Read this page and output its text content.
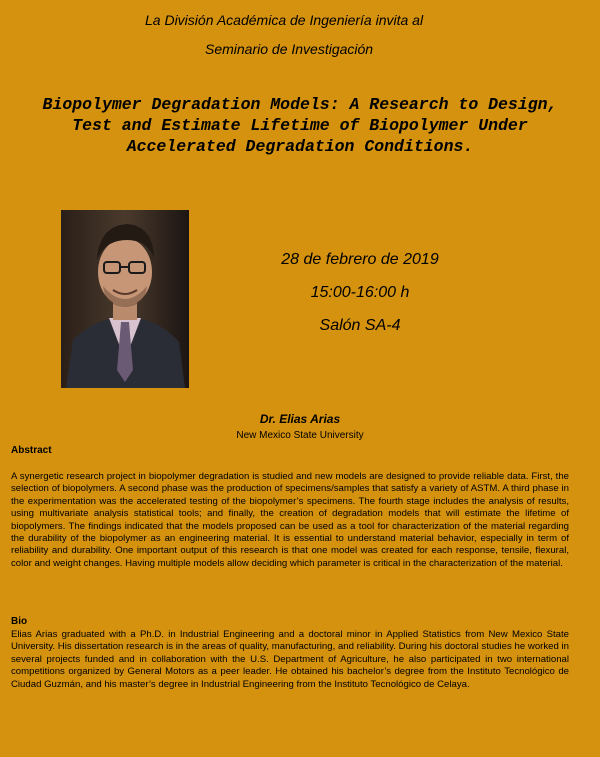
La División Académica de Ingeniería invita al
Seminario de Investigación
Biopolymer Degradation Models: A Research to Design, Test and Estimate Lifetime of Biopolymer Under Accelerated Degradation Conditions.
28 de febrero de 2019
15:00-16:00 h
Salón SA-4
Dr. Elias Arias
New Mexico State University
Abstract
A synergetic research project in biopolymer degradation is studied and new models are designed to provide reliable data. First, the selection of biopolymers. A second phase was the production of specimens/samples that satisfy a variety of ASTM. A third phase in the experimentation was the accelerated testing of the biopolymer’s specimens. The fourth stage includes the analysis of results, using multivariate analysis statistical tools; and finally, the creation of degradation models that will estimate the lifetime of biopolymers. The findings indicated that the models proposed can be used as a tool for characterization of the material regarding the durability of the biopolymer as an engineering material. It is essential to understand material behavior, especially in term of reliability and durability. One important output of this research is that one model was created for each response, tensile, flexural, color and weight changes. Having multiple models allow deciding which parameter is critical in the characterization of the material.
Bio
Elias Arias graduated with a Ph.D. in Industrial Engineering and a doctoral minor in Applied Statistics from New Mexico State University. His dissertation research is in the areas of quality, manufacturing, and reliability. During his doctoral studies he worked in several projects funded and in collaboration with the U.S. Department of Agriculture, he also participated in two international competitions organized by General Motors as a peer leader. He obtained his bachelor’s degree from the Instituto Tecnológico de Ciudad Guzmán, and his master’s degree in Industrial Engineering from the Instituto Tecnológico de Celaya.
